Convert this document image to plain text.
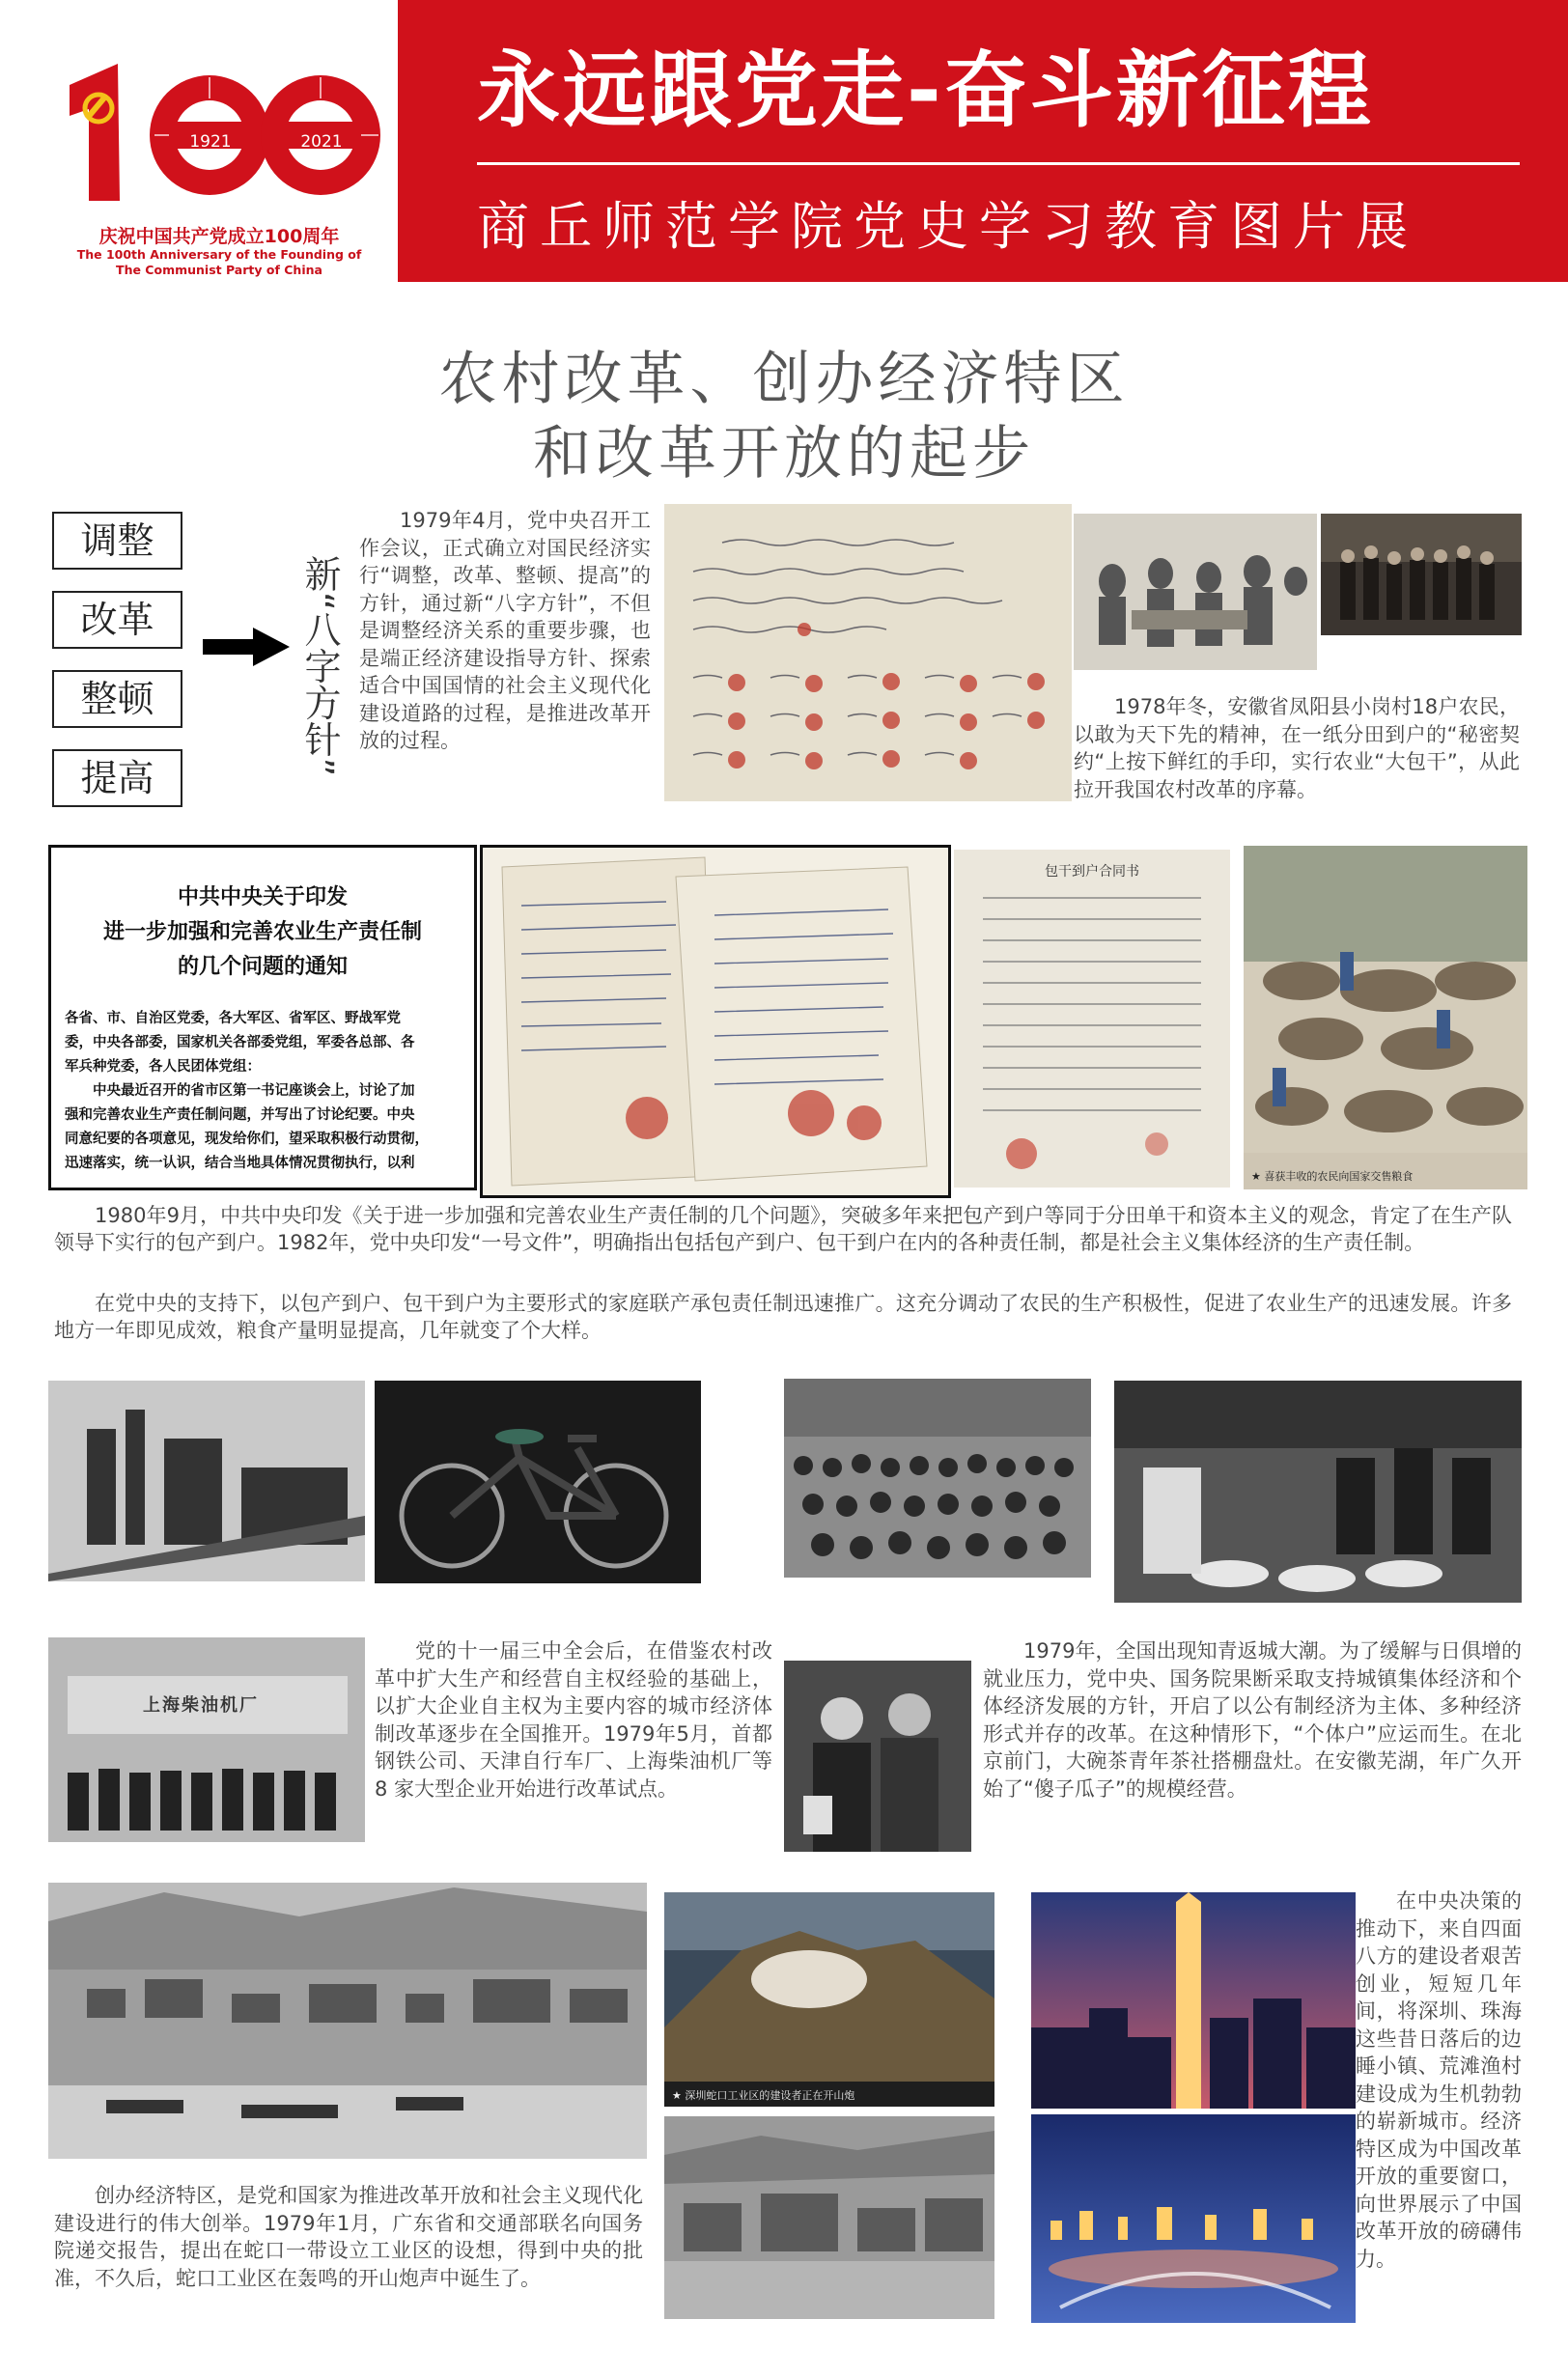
永远跟党走-奋斗新征程
商丘师范学院党史学习教育图片展
1921	2021
庆祝中国共产党成立100周年
The 100th Anniversary of the Founding of
The Communist Party of China
农村改革、创办经济特区
和改革开放的起步
调整
改革
整顿
提高
新“八字方针”
1979年4月，党中央召开工作会议，正式确立对国民经济实行“调整，改革、整顿、提高”的方针，通过新“八字方针”，不但是调整经济关系的重要步骤，也是端正经济建设指导方针、探索适合中国国情的社会主义现代化建设道路的过程，是推进改革开放的过程。
1978年冬，安徽省凤阳县小岗村18户农民，以敢为天下先的精神，在一纸分田到户的“秘密契约“上按下鲜红的手印，实行农业“大包干”，从此拉开我国农村改革的序幕。
中共中央关于印发
进一步加强和完善农业生产责任制
的几个问题的通知
各省、市、自治区党委，各大军区、省军区、野战军党
委，中央各部委，国家机关各部委党组，军委各总部、各
军兵种党委，各人民团体党组：
中央最近召开的省市区第一书记座谈会上，讨论了加
强和完善农业生产责任制问题，并写出了讨论纪要。中央
同意纪要的各项意见，现发给你们，望采取积极行动贯彻，
迅速落实，统一认识，结合当地具体情况贯彻执行，以利
包干到户合同书
★ 喜获丰收的农民向国家交售粮食
1980年9月，中共中央印发《关于进一步加强和完善农业生产责任制的几个问题》，突破多年来把包产到户等同于分田单干和资本主义的观念，肯定了在生产队领导下实行的包产到户。1982年，党中央印发“一号文件”，明确指出包括包产到户、包干到户在内的各种责任制，都是社会主义集体经济的生产责任制。
在党中央的支持下，以包产到户、包干到户为主要形式的家庭联产承包责任制迅速推广。这充分调动了农民的生产积极性，促进了农业生产的迅速发展。许多地方一年即见成效，粮食产量明显提高，几年就变了个大样。
上海柴油机厂
党的十一届三中全会后，在借鉴农村改革中扩大生产和经营自主权经验的基础上，以扩大企业自主权为主要内容的城市经济体制改革逐步在全国推开。1979年5月，首都钢铁公司、天津自行车厂、上海柴油机厂等8 家大型企业开始进行改革试点。
1979年，全国出现知青返城大潮。为了缓解与日俱增的就业压力，党中央、国务院果断采取支持城镇集体经济和个体经济发展的方针，开启了以公有制经济为主体、多种经济形式并存的改革。在这种情形下，“个体户”应运而生。在北京前门，大碗茶青年茶社搭棚盘灶。在安徽芜湖，年广久开始了“傻子瓜子”的规模经营。
创办经济特区，是党和国家为推进改革开放和社会主义现代化建设进行的伟大创举。1979年1月，广东省和交通部联名向国务院递交报告，提出在蛇口一带设立工业区的设想，得到中央的批准，不久后，蛇口工业区在轰鸣的开山炮声中诞生了。
★ 深圳蛇口工业区的建设者正在开山炮
在中央决策的推动下，来自四面八方的建设者艰苦创业，短短几年间，将深圳、珠海这些昔日落后的边睡小镇、荒滩渔村建设成为生机勃勃的崭新城市。经济特区成为中国改革开放的重要窗口，向世界展示了中国改革开放的磅礴伟力。
